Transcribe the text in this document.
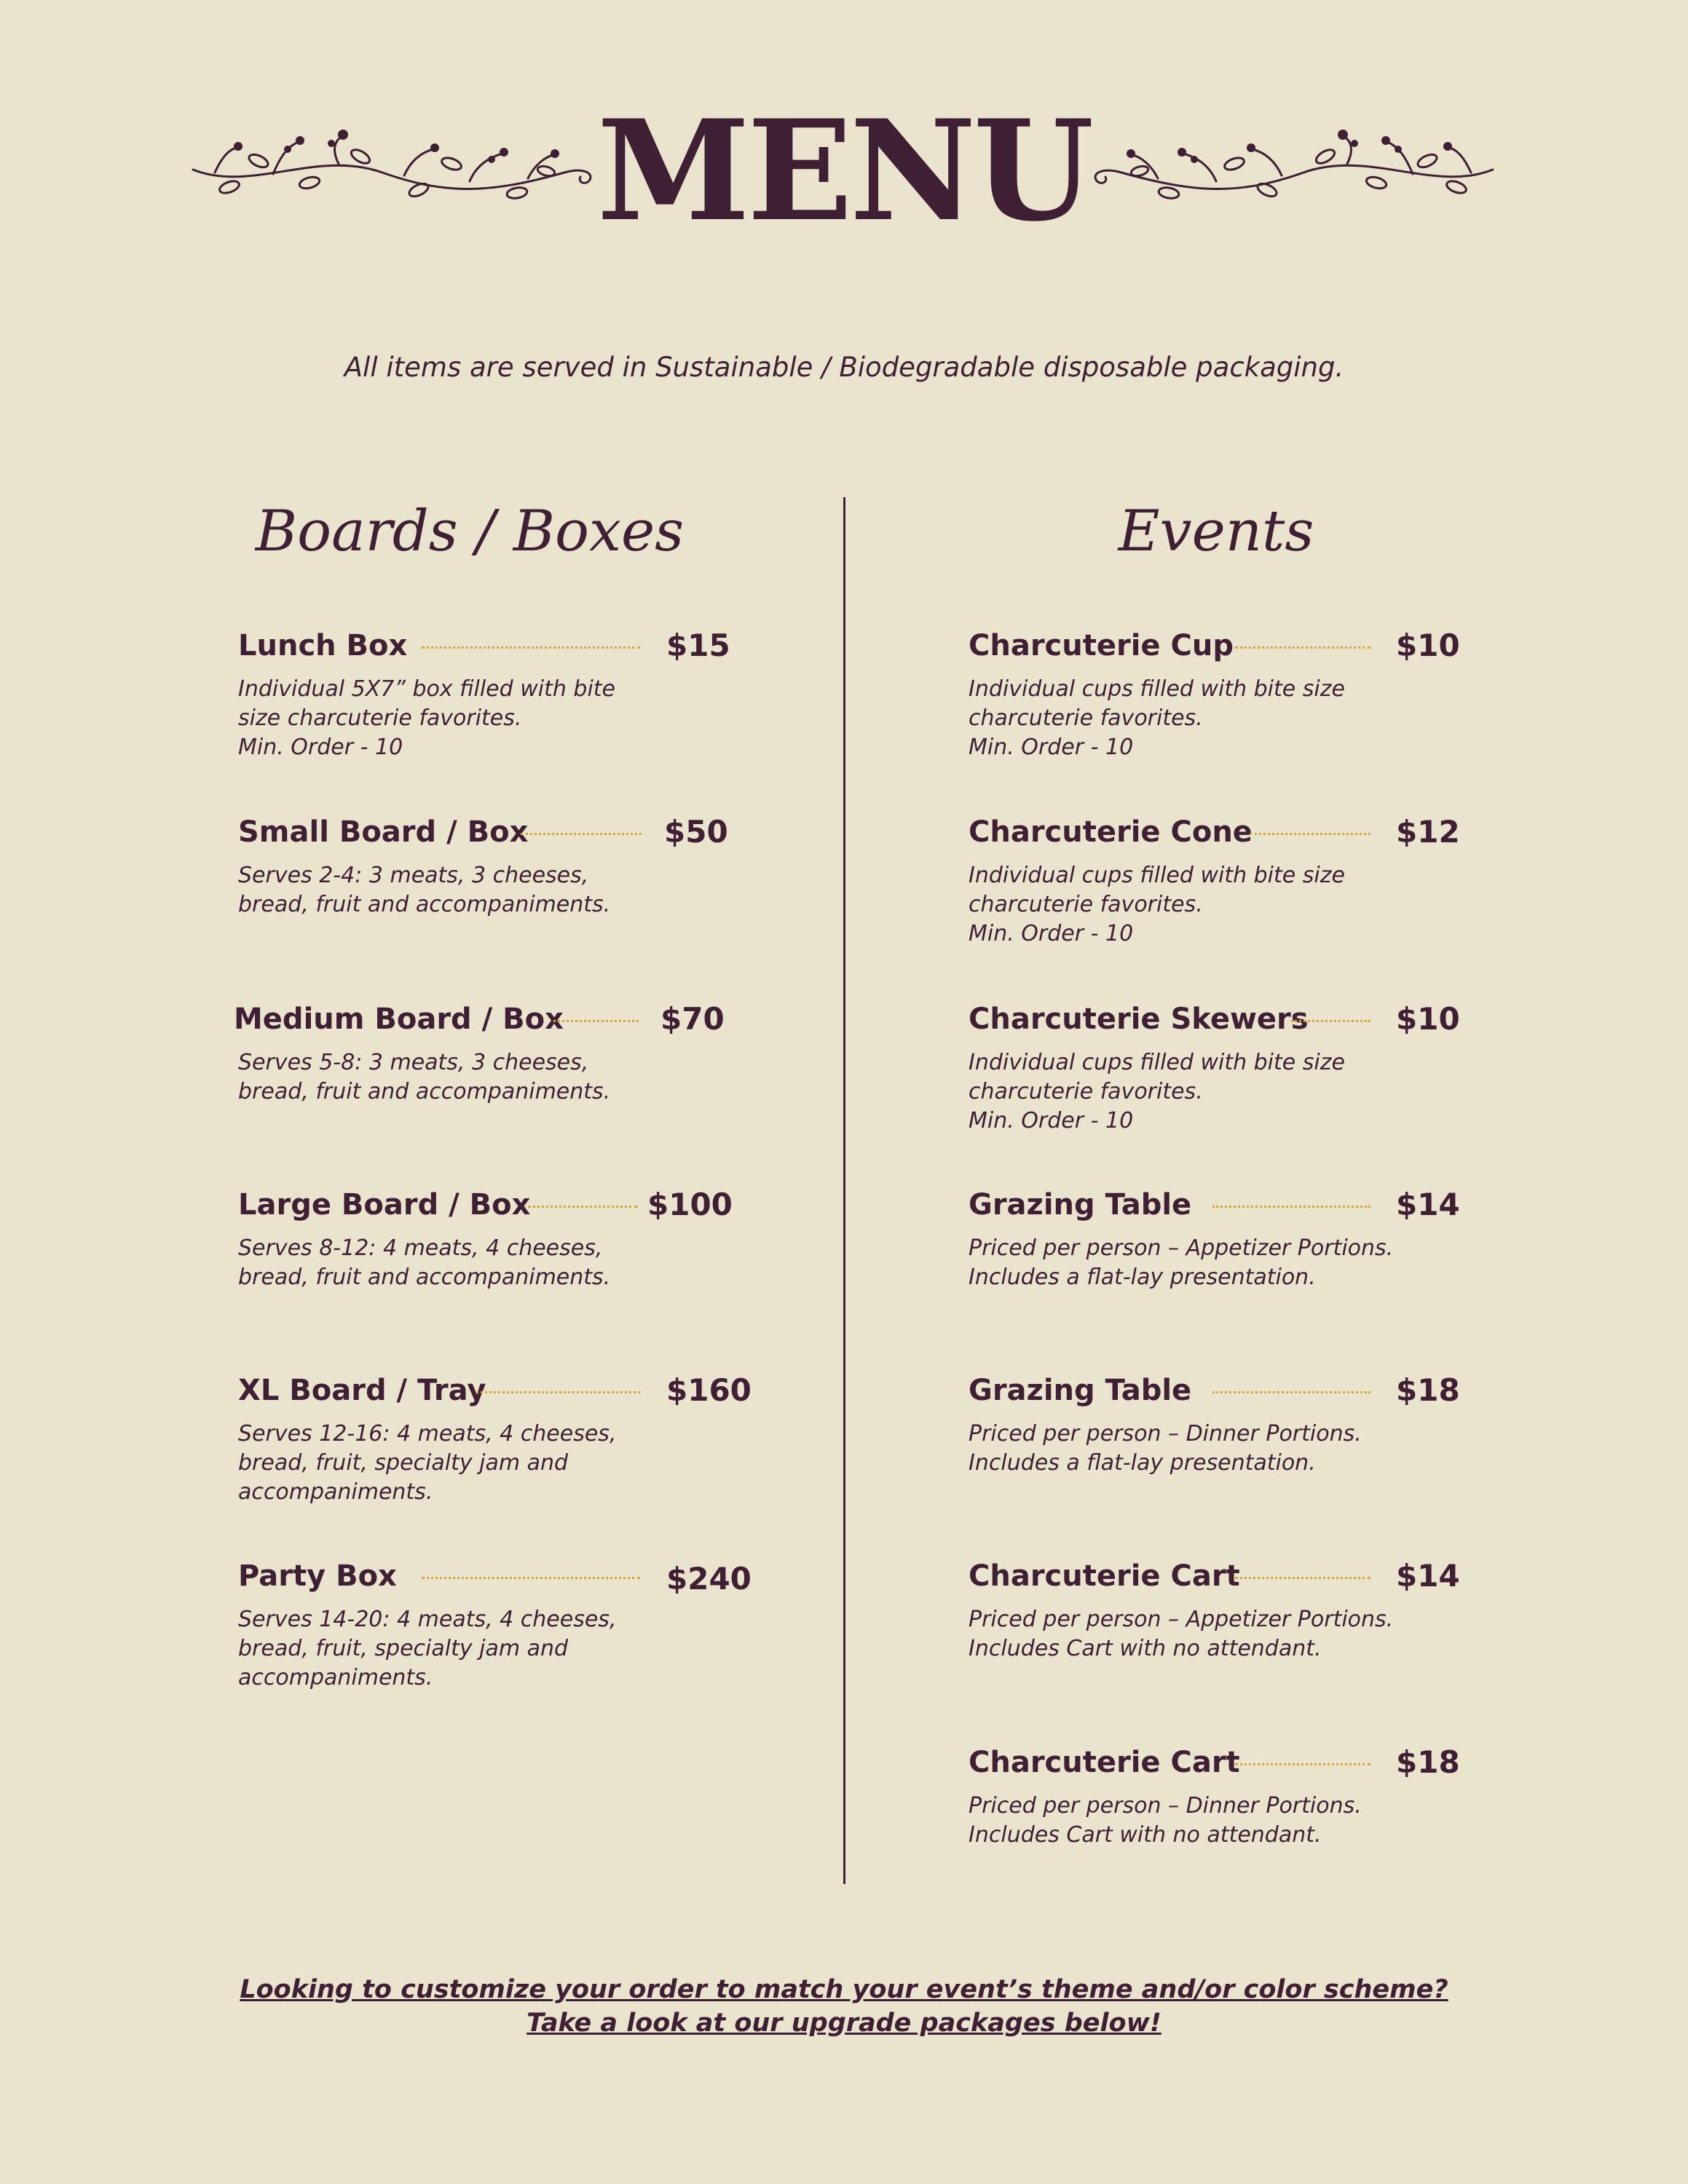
MENU
All items are served in Sustainable / Biodegradable disposable packaging.
Boards / Boxes	Events
Lunch Box	$15
Individual 5X7” box filled with bite
size charcuterie favorites.
Min. Order - 10
Small Board / Box	$50
Serves 2-4: 3 meats, 3 cheeses,
bread, fruit and accompaniments.
Medium Board / Box	$70
Serves 5-8: 3 meats, 3 cheeses,
bread, fruit and accompaniments.
Large Board / Box	$100
Serves 8-12: 4 meats, 4 cheeses,
bread, fruit and accompaniments.
XL Board / Tray	$160
Serves 12-16: 4 meats, 4 cheeses,
bread, fruit, specialty jam and
accompaniments.
Party Box	$240
Serves 14-20: 4 meats, 4 cheeses,
bread, fruit, specialty jam and
accompaniments.
Charcuterie Cup	$10
Individual cups filled with bite size
charcuterie favorites.
Min. Order - 10
Charcuterie Cone	$12
Individual cups filled with bite size
charcuterie favorites.
Min. Order - 10
Charcuterie Skewers	$10
Individual cups filled with bite size
charcuterie favorites.
Min. Order - 10
Grazing Table	$14
Priced per person – Appetizer Portions.
Includes a flat-lay presentation.
Grazing Table	$18
Priced per person – Dinner Portions.
Includes a flat-lay presentation.
Charcuterie Cart	$14
Priced per person – Appetizer Portions.
Includes Cart with no attendant.
Charcuterie Cart	$18
Priced per person – Dinner Portions.
Includes Cart with no attendant.
Looking to customize your order to match your event’s theme and/or color scheme?
Take a look at our upgrade packages below!
